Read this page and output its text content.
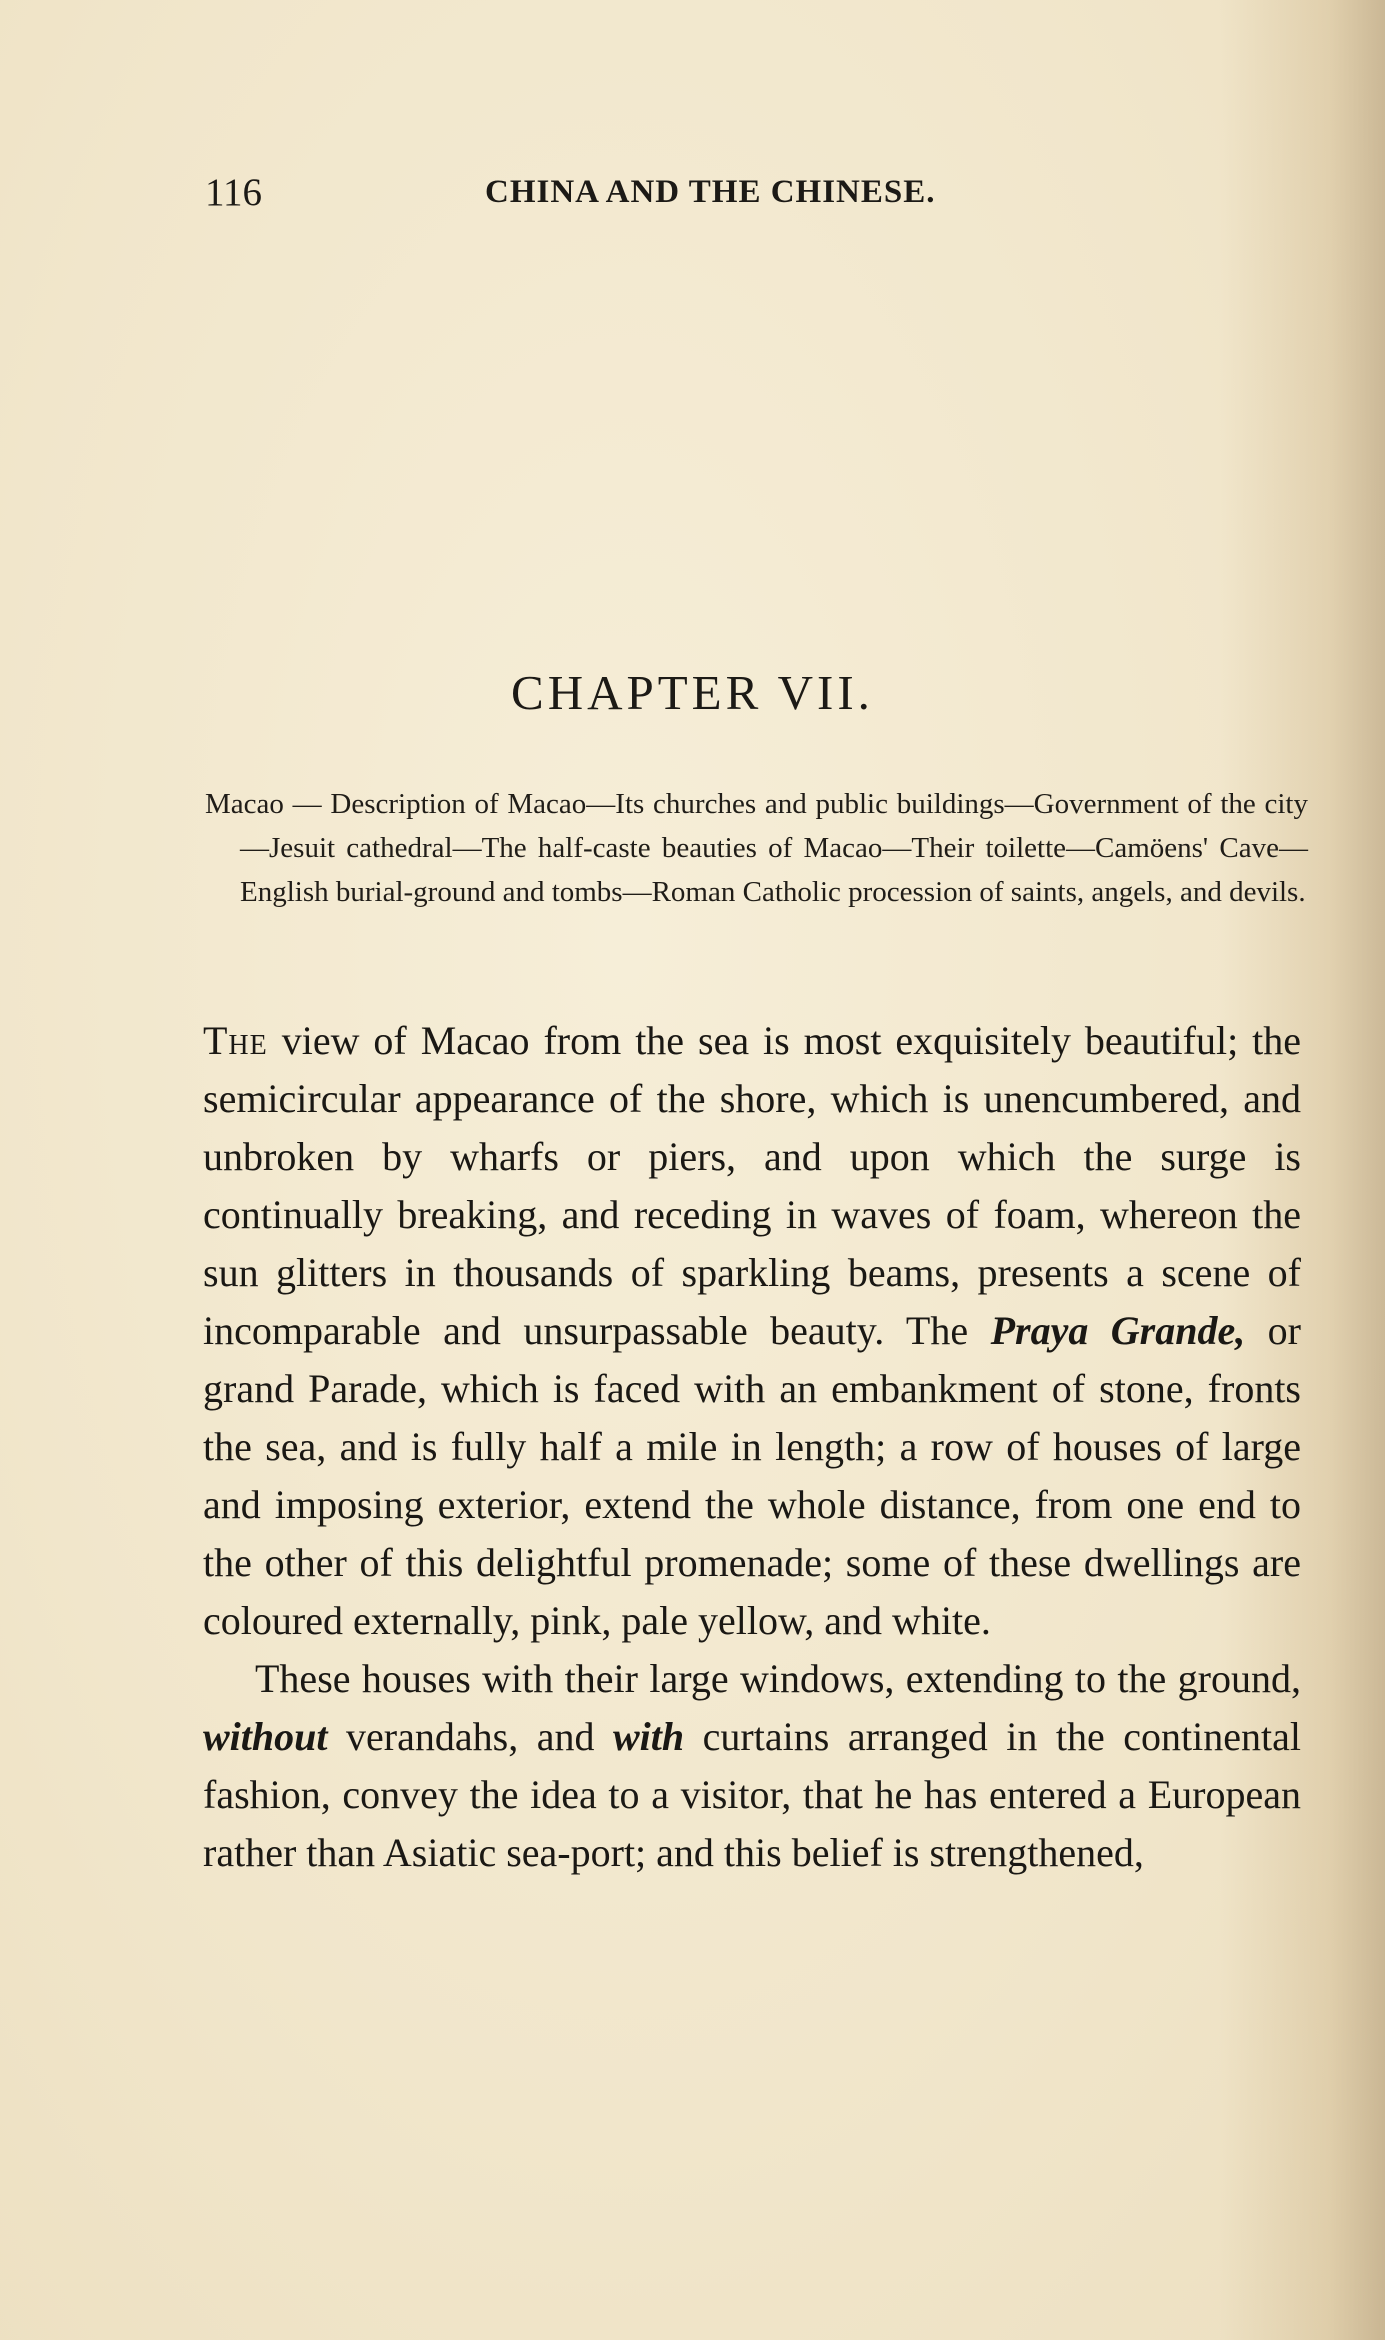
116	CHINA AND THE CHINESE.
CHAPTER VII.

Macao — Description of Macao—Its churches and public buildings—Government of the city—Jesuit cathedral—The half-caste beauties of Macao—Their toilette—Camöens' Cave—English burial-ground and tombs—Roman Catholic procession of saints, angels, and devils.

The view of Macao from the sea is most exquisitely beautiful; the semicircular appearance of the shore, which is unencumbered, and unbroken by wharfs or piers, and upon which the surge is continually breaking, and receding in waves of foam, whereon the sun glitters in thousands of sparkling beams, presents a scene of incomparable and unsurpassable beauty. The Praya Grande, or grand Parade, which is faced with an embankment of stone, fronts the sea, and is fully half a mile in length; a row of houses of large and imposing exterior, extend the whole distance, from one end to the other of this delightful promenade; some of these dwellings are coloured externally, pink, pale yellow, and white.

These houses with their large windows, extending to the ground, without verandahs, and with curtains arranged in the continental fashion, convey the idea to a visitor, that he has entered a European rather than Asiatic sea-port; and this belief is strengthened,
